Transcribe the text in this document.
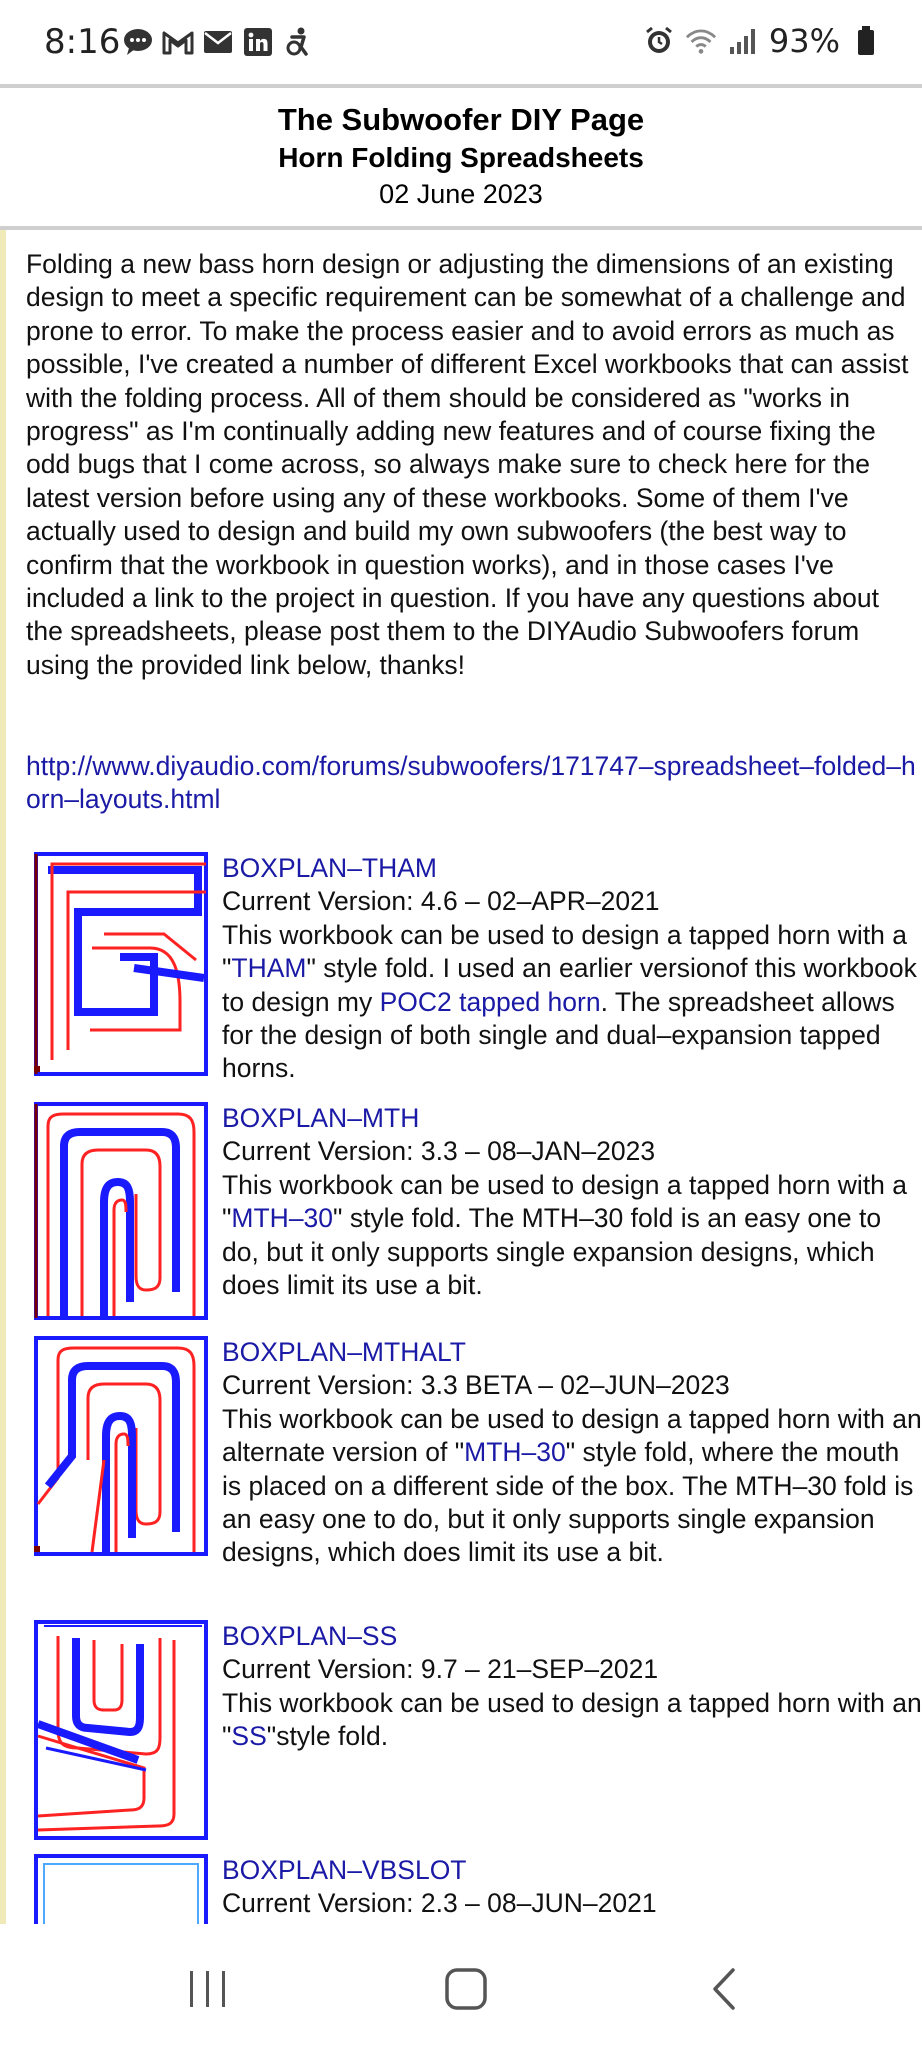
8:16	93%
The Subwoofer DIY Page
Horn Folding Spreadsheets
02 June 2023

Folding a new bass horn design or adjusting the dimensions of an existing design to meet a specific requirement can be somewhat of a challenge and prone to error. To make the process easier and to avoid errors as much as possible, I've created a number of different Excel workbooks that can assist with the folding process. All of them should be considered as "works in progress" as I'm continually adding new features and of course fixing the odd bugs that I come across, so always make sure to check here for the latest version before using any of these workbooks. Some of them I've actually used to design and build my own subwoofers (the best way to confirm that the workbook in question works), and in those cases I've included a link to the project in question. If you have any questions about the spreadsheets, please post them to the DIYAudio Subwoofers forum using the provided link below, thanks!

http://www.diyaudio.com/forums/subwoofers/171747–spreadsheet–folded–horn–layouts.html
BOXPLAN–THAM
Current Version: 4.6 – 02–APR–2021
This workbook can be used to design a tapped horn with a "THAM" style fold. I used an earlier versionof this workbook to design my POC2 tapped horn. The spreadsheet allows for the design of both single and dual–expansion tapped horns.
BOXPLAN–MTH
Current Version: 3.3 – 08–JAN–2023
This workbook can be used to design a tapped horn with a "MTH–30" style fold. The MTH–30 fold is an easy one to do, but it only supports single expansion designs, which does limit its use a bit.
BOXPLAN–MTHALT
Current Version: 3.3 BETA – 02–JUN–2023
This workbook can be used to design a tapped horn with an alternate version of "MTH–30" style fold, where the mouth is placed on a different side of the box. The MTH–30 fold is an easy one to do, but it only supports single expansion designs, which does limit its use a bit.
BOXPLAN–SS
Current Version: 9.7 – 21–SEP–2021
This workbook can be used to design a tapped horn with an "SS"style fold.
BOXPLAN–VBSLOT
Current Version: 2.3 – 08–JUN–2021
